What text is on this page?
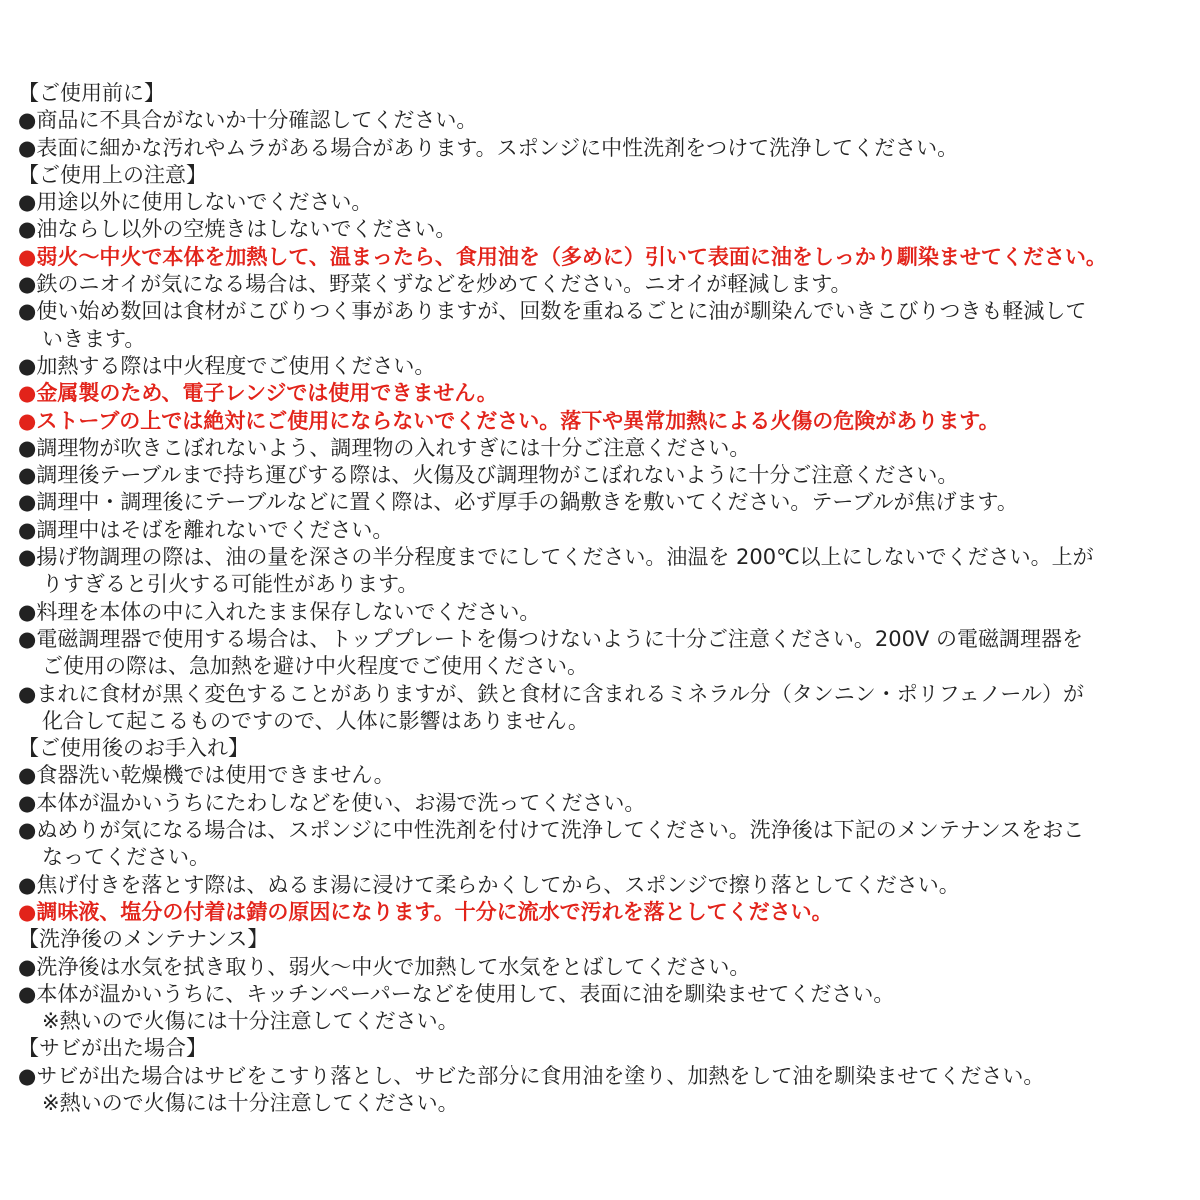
【ご使用前に】
●商品に不具合がないか十分確認してください。
●表面に細かな汚れやムラがある場合があります。スポンジに中性洗剤をつけて洗浄してください。
【ご使用上の注意】
●用途以外に使用しないでください。
●油ならし以外の空焼きはしないでください。
●弱火〜中火で本体を加熱して、温まったら、食用油を（多めに）引いて表面に油をしっかり馴染ませてください。
●鉄のニオイが気になる場合は、野菜くずなどを炒めてください。ニオイが軽減します。
●使い始め数回は食材がこびりつく事がありますが、回数を重ねるごとに油が馴染んでいきこびりつきも軽減して
いきます。
●加熱する際は中火程度でご使用ください。
●金属製のため、電子レンジでは使用できません。
●ストーブの上では絶対にご使用にならないでください。落下や異常加熱による火傷の危険があります。
●調理物が吹きこぼれないよう、調理物の入れすぎには十分ご注意ください。
●調理後テーブルまで持ち運びする際は、火傷及び調理物がこぼれないように十分ご注意ください。
●調理中・調理後にテーブルなどに置く際は、必ず厚手の鍋敷きを敷いてください。テーブルが焦げます。
●調理中はそばを離れないでください。
●揚げ物調理の際は、油の量を深さの半分程度までにしてください。油温を 200℃以上にしないでください。上が
りすぎると引火する可能性があります。
●料理を本体の中に入れたまま保存しないでください。
●電磁調理器で使用する場合は、トッププレートを傷つけないように十分ご注意ください。200V の電磁調理器を
ご使用の際は、急加熱を避け中火程度でご使用ください。
●まれに食材が黒く変色することがありますが、鉄と食材に含まれるミネラル分（タンニン・ポリフェノール）が
化合して起こるものですので、人体に影響はありません。
【ご使用後のお手入れ】
●食器洗い乾燥機では使用できません。
●本体が温かいうちにたわしなどを使い、お湯で洗ってください。
●ぬめりが気になる場合は、スポンジに中性洗剤を付けて洗浄してください。洗浄後は下記のメンテナンスをおこ
なってください。
●焦げ付きを落とす際は、ぬるま湯に浸けて柔らかくしてから、スポンジで擦り落としてください。
●調味液、塩分の付着は錆の原因になります。十分に流水で汚れを落としてください。
【洗浄後のメンテナンス】
●洗浄後は水気を拭き取り、弱火〜中火で加熱して水気をとばしてください。
●本体が温かいうちに、キッチンペーパーなどを使用して、表面に油を馴染ませてください。
※熱いので火傷には十分注意してください。
【サビが出た場合】
●サビが出た場合はサビをこすり落とし、サビた部分に食用油を塗り、加熱をして油を馴染ませてください。
※熱いので火傷には十分注意してください。
